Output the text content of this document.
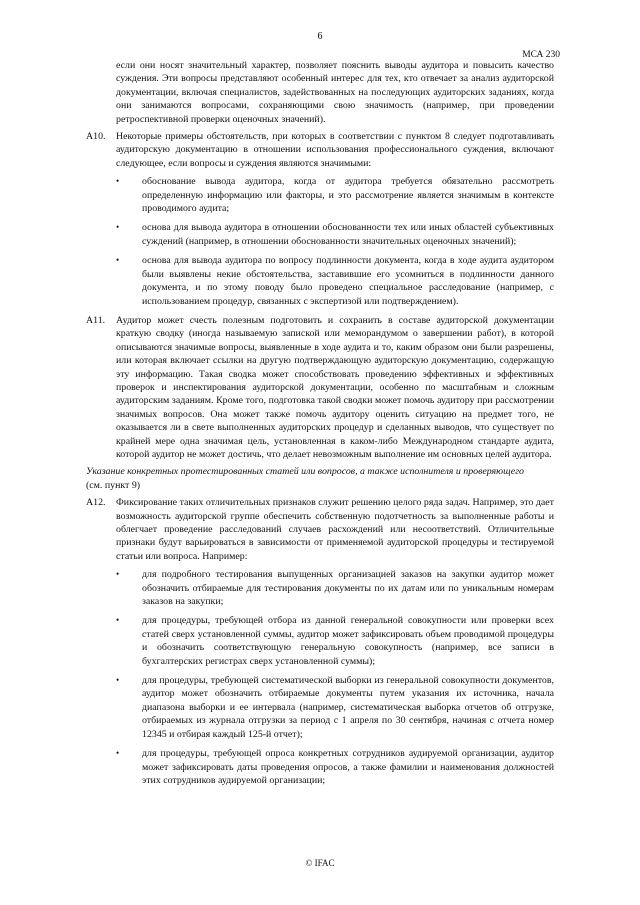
6
МСА 230

если они носят значительный характер, позволяет пояснить выводы аудитора и повысить качество суждения. Эти вопросы представляют особенный интерес для тех, кто отвечает за анализ аудиторской документации, включая специалистов, задействованных на последующих аудиторских заданиях, когда они занимаются вопросами, сохраняющими свою значимость (например, при проведении ретроспективной проверки оценочных значений).

A10. Некоторые примеры обстоятельств, при которых в соответствии с пунктом 8 следует подготавливать аудиторскую документацию в отношении использования профессионального суждения, включают следующее, если вопросы и суждения являются значимыми:

• обоснование вывода аудитора, когда от аудитора требуется обязательно рассмотреть определенную информацию или факторы, и это рассмотрение является значимым в контексте проводимого аудита;
• основа для вывода аудитора в отношении обоснованности тех или иных областей субъективных суждений (например, в отношении обоснованности значительных оценочных значений);
• основа для вывода аудитора по вопросу подлинности документа, когда в ходе аудита аудитором были выявлены некие обстоятельства, заставившие его усомниться в подлинности данного документа, и по этому поводу было проведено специальное расследование (например, с использованием процедур, связанных с экспертизой или подтверждением).
A11. Аудитор может счесть полезным подготовить и сохранить в составе аудиторской документации краткую сводку (иногда называемую запиской или меморандумом о завершении работ), в которой описываются значимые вопросы, выявленные в ходе аудита и то, каким образом они были разрешены, или которая включает ссылки на другую подтверждающую аудиторскую документацию, содержащую эту информацию. Такая сводка может способствовать проведению эффективных и эффективных проверок и инспектирования аудиторской документации, особенно по масштабным и сложным аудиторским заданиям. Кроме того, подготовка такой сводки может помочь аудитору при рассмотрении значимых вопросов. Она может также помочь аудитору оценить ситуацию на предмет того, не оказывается ли в свете выполненных аудиторских процедур и сделанных выводов, что существует по крайней мере одна значимая цель, установленная в каком-либо Международном стандарте аудита, которой аудитор не может достичь, что делает невозможным выполнение им основных целей аудитора.

Указание конкретных протестированных статей или вопросов, а также исполнителя и проверяющего
(см. пункт 9)

A12. Фиксирование таких отличительных признаков служит решению целого ряда задач. Например, это дает возможность аудиторской группе обеспечить собственную подотчетность за выполненные работы и облегчает проведение расследований случаев расхождений или несоответствий. Отличительные признаки будут варьироваться в зависимости от применяемой аудиторской процедуры и тестируемой статьи или вопроса. Например:

• для подробного тестирования выпущенных организацией заказов на закупки аудитор может обозначить отбираемые для тестирования документы по их датам или по уникальным номерам заказов на закупки;
• для процедуры, требующей отбора из данной генеральной совокупности или проверки всех статей сверх установленной суммы, аудитор может зафиксировать объем проводимой процедуры и обозначить соответствующую генеральную совокупность (например, все записи в бухгалтерских регистрах сверх установленной суммы);
• для процедуры, требующей систематической выборки из генеральной совокупности документов, аудитор может обозначить отбираемые документы путем указания их источника, начала диапазона выборки и ее интервала (например, систематическая выборка отчетов об отгрузке, отбираемых из журнала отгрузки за период с 1 апреля по 30 сентября, начиная с отчета номер 12345 и отбирая каждый 125-й отчет);
• для процедуры, требующей опроса конкретных сотрудников аудируемой организации, аудитор может зафиксировать даты проведения опросов, а также фамилии и наименования должностей этих сотрудников аудируемой организации;
© IFAC
